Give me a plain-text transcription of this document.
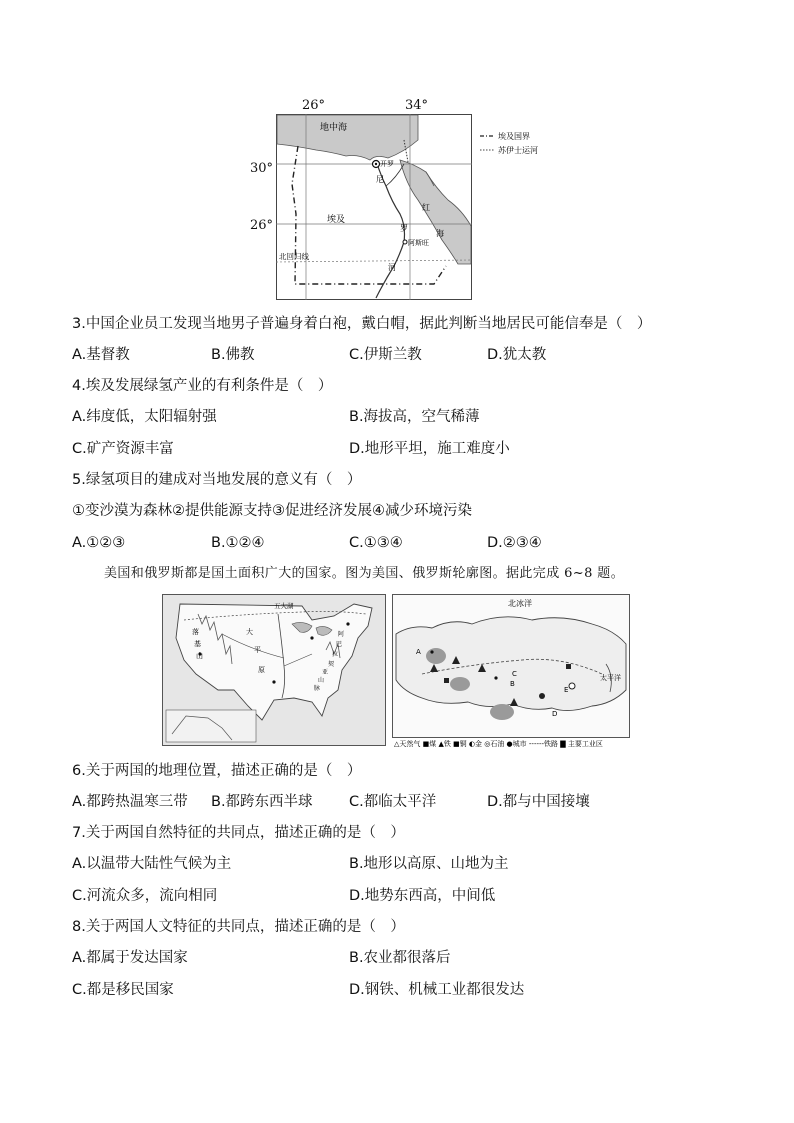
26°	34°
30°
26°
地中海
开罗
尼
埃及
罗
阿斯旺
北回归线
河
红
海
埃及国界
苏伊士运河
3.中国企业员工发现当地男子普遍身着白袍，戴白帽，据此判断当地居民可能信奉是（　）
A.基督教	B.佛教	C.伊斯兰教	D.犹太教
4.埃及发展绿氢产业的有利条件是（　）
A.纬度低，太阳辐射强	B.海拔高，空气稀薄
C.矿产资源丰富	D.地形平坦，施工难度小
5.绿氢项目的建成对当地发展的意义有（　）
①变沙漠为森林②提供能源支持③促进经济发展④减少环境污染
A.①②③	B.①②④	C.①③④	D.②③④
美国和俄罗斯都是国土面积广大的国家。图为美国、俄罗斯轮廓图。据此完成 6~8 题。
五大湖
落
基
山
大
平
原
阿
巴
拉
契
亚
山
脉
北冰洋
太平洋
A
B
C
D
E
△天然气 ■煤 ▲铁 ■铜 ◐金 ◎石油 ●城市 ------铁路 ▇ 主要工业区
6.关于两国的地理位置，描述正确的是（　）
A.都跨热温寒三带 B.都跨东西半球	C.都临太平洋	D.都与中国接壤
7.关于两国自然特征的共同点，描述正确的是（　）
A.以温带大陆性气候为主	B.地形以高原、山地为主
C.河流众多，流向相同	D.地势东西高，中间低
8.关于两国人文特征的共同点，描述正确的是（　）
A.都属于发达国家	B.农业都很落后
C.都是移民国家	D.钢铁、机械工业都很发达
